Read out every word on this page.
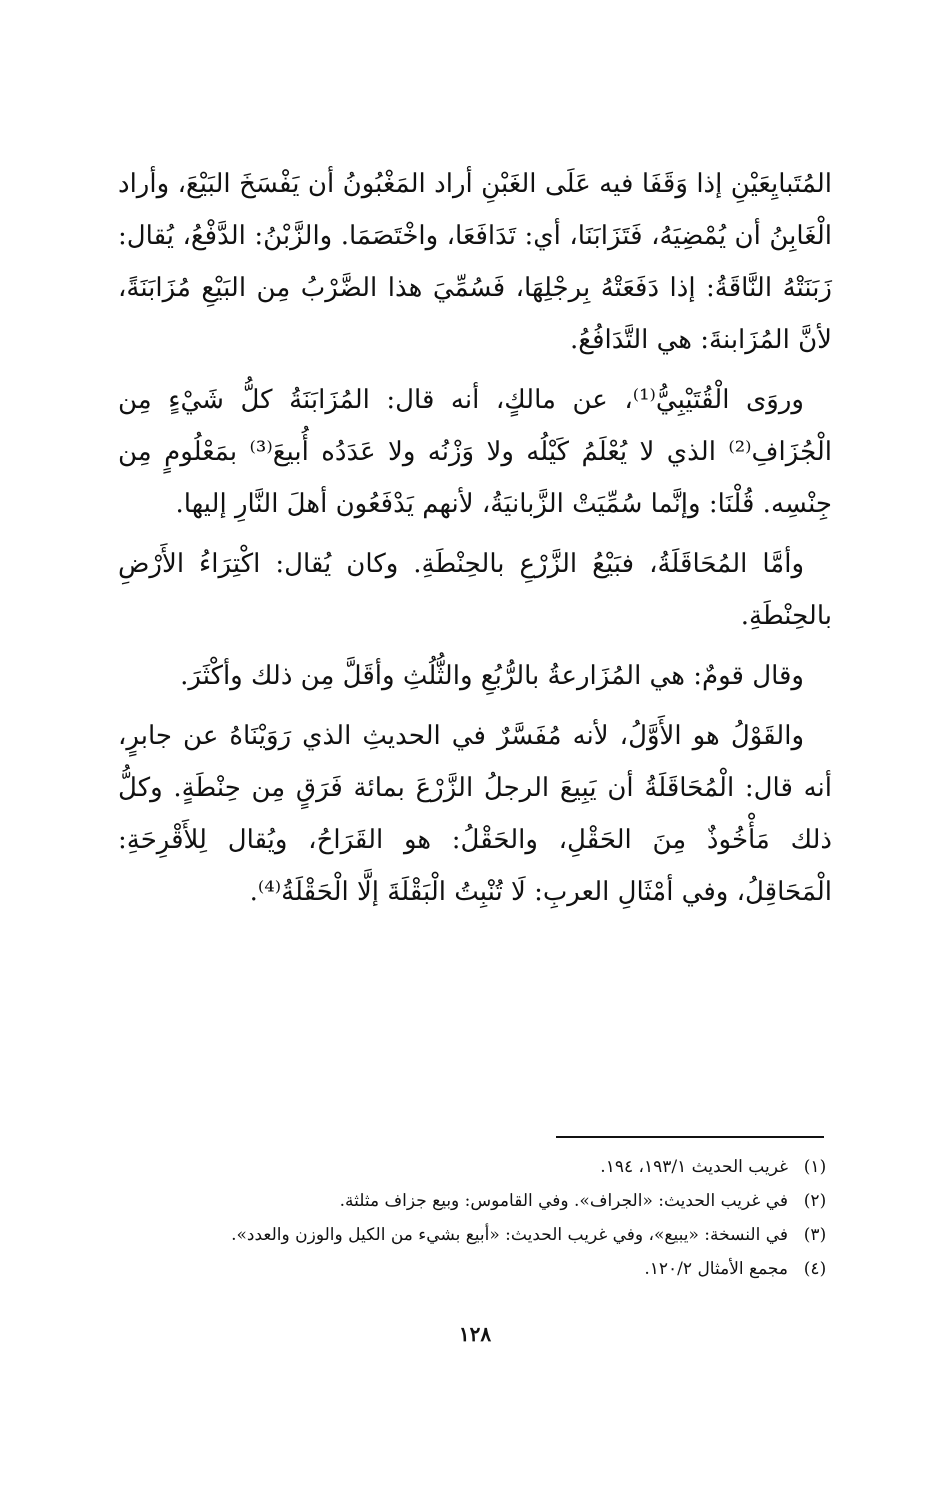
المُتَبايِعَيْنِ إذا وَقَفَا فيه عَلَى الغَبْنِ أراد المَغْبُونُ أن يَفْسَخَ البَيْعَ، وأراد الْغَابِنُ أن يُمْضِيَهُ، فَتَزَابَنَا، أي: تَدَافَعَا، واخْتَصَمَا. والزَّبْنُ: الدَّفْعُ، يُقال: زَبَنَتْهُ النَّاقَةُ: إذا دَفَعَتْهُ بِرجْلِهَا، فَسُمِّيَ هذا الضَّرْبُ مِن البَيْعِ مُزَابَنَةً، لأنَّ المُزَابنةَ: هي التَّدَافُعُ.

وروَى الْقُتَيْبِيُّ⁽¹⁾، عن مالكٍ، أنه قال: المُزَابَنَةُ كلُّ شَيْءٍ مِن الْجُزَافِ⁽²⁾ الذي لا يُعْلَمُ كَيْلُه ولا وَزْنُه ولا عَدَدُه أُبيعَ⁽³⁾ بمَعْلُومٍ مِن جِنْسِه. قُلْنَا: وإنَّما سُمِّيَتْ الزَّبانيَةُ، لأنهم يَدْفَعُون أهلَ النَّارِ إليها.

وأمَّا المُحَاقَلَةُ، فبَيْعُ الزَّرْعِ بالحِنْطَةِ. وكان يُقال: اكْتِرَاءُ الأَرْضِ بالحِنْطَةِ.

وقال قومٌ: هي المُزَارعةُ بالرُّبُعِ والثُّلُثِ وأقَلَّ مِن ذلك وأكْثَرَ.

والقَوْلُ هو الأَوَّلُ، لأنه مُفَسَّرٌ في الحديثِ الذي رَوَيْنَاهُ عن جابرٍ، أنه قال: الْمُحَاقَلَةُ أن يَبِيعَ الرجلُ الزَّرْعَ بمائة فَرَقٍ مِن حِنْطَةٍ. وكلُّ ذلك مَأْخُوذٌ مِنَ الحَقْلِ، والحَقْلُ: هو القَرَاحُ، ويُقال لِلأَقْرِحَةِ: الْمَحَاقِلُ، وفي أمْثَالِ العربِ: لَا تُنْبِتُ الْبَقْلَةَ إلَّا الْحَقْلَةُ⁽⁴⁾.

(١)
غريب الحديث ١٩٣/١، ١٩٤.
(٢)
في غريب الحديث: «الجراف». وفي القاموس: وبيع جزاف مثلثة.
(٣)
في النسخة: «يبيع»، وفي غريب الحديث: «أبيع بشيء من الكيل والوزن والعدد».
(٤)
مجمع الأمثال ١٢٠/٢.
١٢٨
